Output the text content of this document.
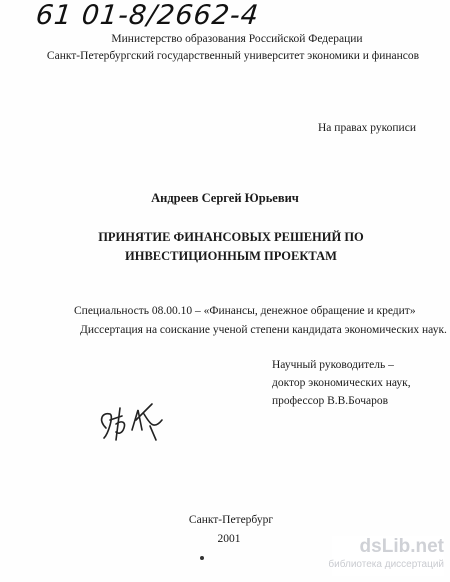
61 01-8/2662-4
Министерство образования Российской Федерации
Санкт-Петербургский государственный университет экономики и финансов
На правах рукописи
Андреев Сергей Юрьевич
ПРИНЯТИЕ ФИНАНСОВЫХ РЕШЕНИЙ ПО
ИНВЕСТИЦИОННЫМ ПРОЕКТАМ
Специальность 08.00.10 – «Финансы, денежное обращение и кредит»
Диссертация на соискание ученой степени кандидата экономических наук.
Научный руководитель –
доктор экономических наук,
профессор В.В.Бочаров
Санкт-Петербург
2001	dsLib.net
библиотека диссертаций
